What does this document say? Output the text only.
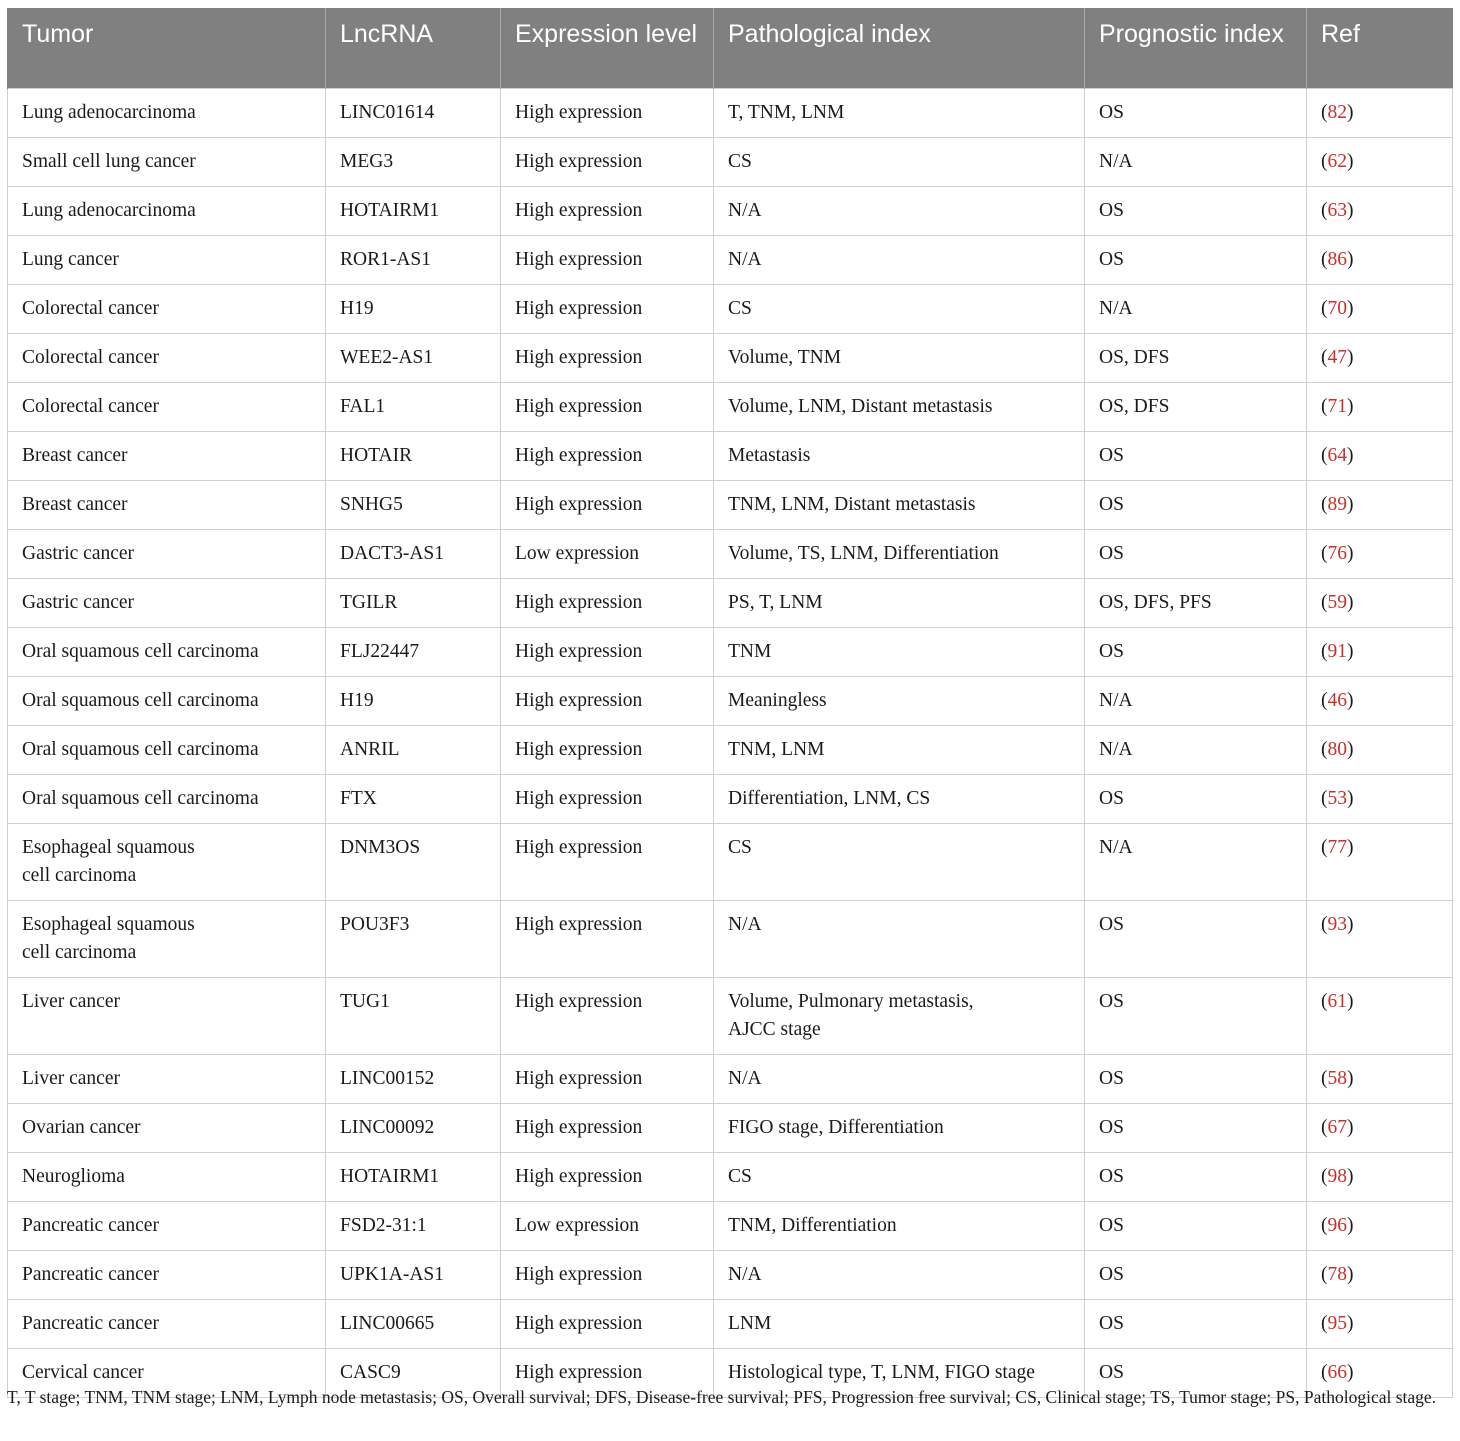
Tumor	LncRNA	Expression level	Pathological index	Prognostic index	Ref
Lung adenocarcinoma	LINC01614	High expression	T, TNM, LNM	OS	(82)
Small cell lung cancer	MEG3	High expression	CS	N/A	(62)
Lung adenocarcinoma	HOTAIRM1	High expression	N/A	OS	(63)
Lung cancer	ROR1-AS1	High expression	N/A	OS	(86)
Colorectal cancer	H19	High expression	CS	N/A	(70)
Colorectal cancer	WEE2-AS1	High expression	Volume, TNM	OS, DFS	(47)
Colorectal cancer	FAL1	High expression	Volume, LNM, Distant metastasis	OS, DFS	(71)
Breast cancer	HOTAIR	High expression	Metastasis	OS	(64)
Breast cancer	SNHG5	High expression	TNM, LNM, Distant metastasis	OS	(89)
Gastric cancer	DACT3-AS1	Low expression	Volume, TS, LNM, Differentiation	OS	(76)
Gastric cancer	TGILR	High expression	PS, T, LNM	OS, DFS, PFS	(59)
Oral squamous cell carcinoma	FLJ22447	High expression	TNM	OS	(91)
Oral squamous cell carcinoma	H19	High expression	Meaningless	N/A	(46)
Oral squamous cell carcinoma	ANRIL	High expression	TNM, LNM	N/A	(80)
Oral squamous cell carcinoma	FTX	High expression	Differentiation, LNM, CS	OS	(53)
Esophageal squamous cell carcinoma	DNM3OS	High expression	CS	N/A	(77)
Esophageal squamous cell carcinoma	POU3F3	High expression	N/A	OS	(93)
Liver cancer	TUG1	High expression	Volume, Pulmonary metastasis, AJCC stage	OS	(61)
Liver cancer	LINC00152	High expression	N/A	OS	(58)
Ovarian cancer	LINC00092	High expression	FIGO stage, Differentiation	OS	(67)
Neuroglioma	HOTAIRM1	High expression	CS	OS	(98)
Pancreatic cancer	FSD2-31:1	Low expression	TNM, Differentiation	OS	(96)
Pancreatic cancer	UPK1A-AS1	High expression	N/A	OS	(78)
Pancreatic cancer	LINC00665	High expression	LNM	OS	(95)
Cervical cancer	CASC9	High expression	Histological type, T, LNM, FIGO stage	OS	(66)
T, T stage; TNM, TNM stage; LNM, Lymph node metastasis; OS, Overall survival; DFS, Disease-free survival; PFS, Progression free survival; CS, Clinical stage; TS, Tumor stage; PS, Pathological stage.
